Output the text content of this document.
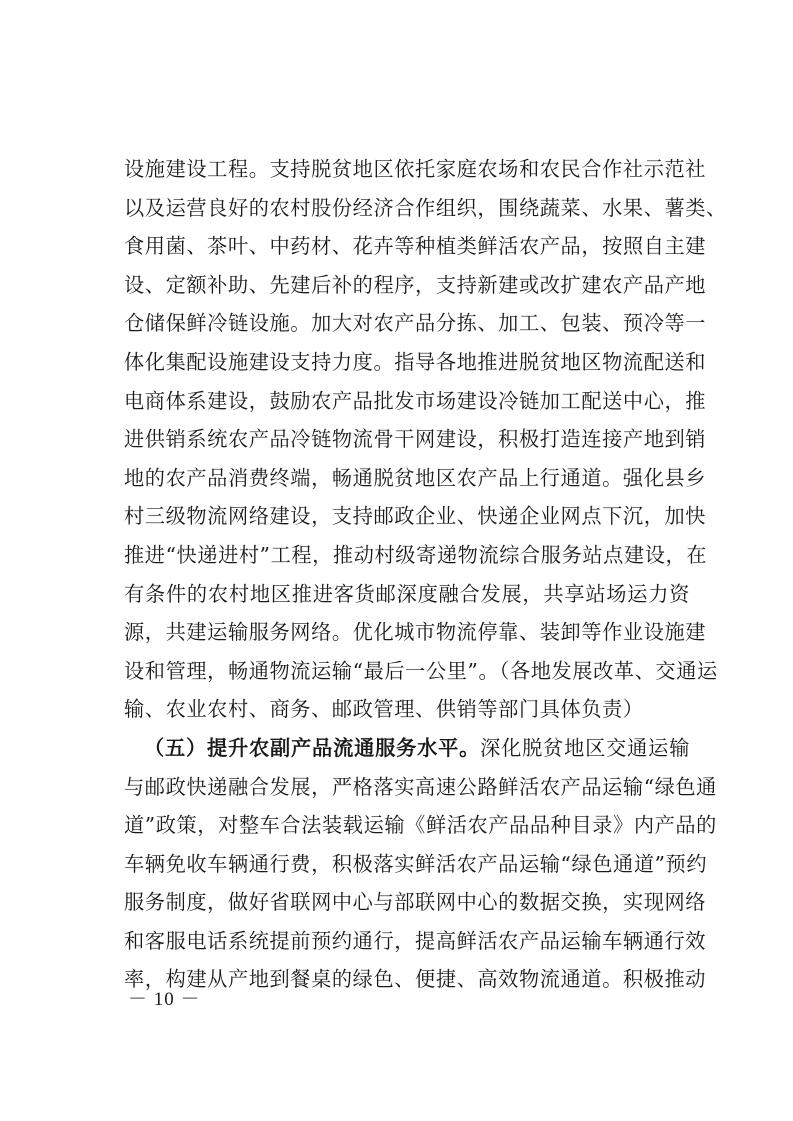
设施建设工程。支持脱贫地区依托家庭农场和农民合作社示范社
以及运营良好的农村股份经济合作组织，围绕蔬菜、水果、薯类、
食用菌、茶叶、中药材、花卉等种植类鲜活农产品，按照自主建
设、定额补助、先建后补的程序，支持新建或改扩建农产品产地
仓储保鲜冷链设施。加大对农产品分拣、加工、包装、预冷等一
体化集配设施建设支持力度。指导各地推进脱贫地区物流配送和
电商体系建设，鼓励农产品批发市场建设冷链加工配送中心，推
进供销系统农产品冷链物流骨干网建设，积极打造连接产地到销
地的农产品消费终端，畅通脱贫地区农产品上行通道。强化县乡
村三级物流网络建设，支持邮政企业、快递企业网点下沉，加快
推进“快递进村”工程，推动村级寄递物流综合服务站点建设，在
有条件的农村地区推进客货邮深度融合发展，共享站场运力资
源，共建运输服务网络。优化城市物流停靠、装卸等作业设施建
设和管理，畅通物流运输“最后一公里”。（各地发展改革、交通运
输、农业农村、商务、邮政管理、供销等部门具体负责）
（五）提升农副产品流通服务水平。深化脱贫地区交通运输
与邮政快递融合发展，严格落实高速公路鲜活农产品运输“绿色通
道”政策，对整车合法装载运输《鲜活农产品品种目录》内产品的
车辆免收车辆通行费，积极落实鲜活农产品运输“绿色通道”预约
服务制度，做好省联网中心与部联网中心的数据交换，实现网络
和客服电话系统提前预约通行，提高鲜活农产品运输车辆通行效
率，构建从产地到餐桌的绿色、便捷、高效物流通道。积极推动
－ 10 －
